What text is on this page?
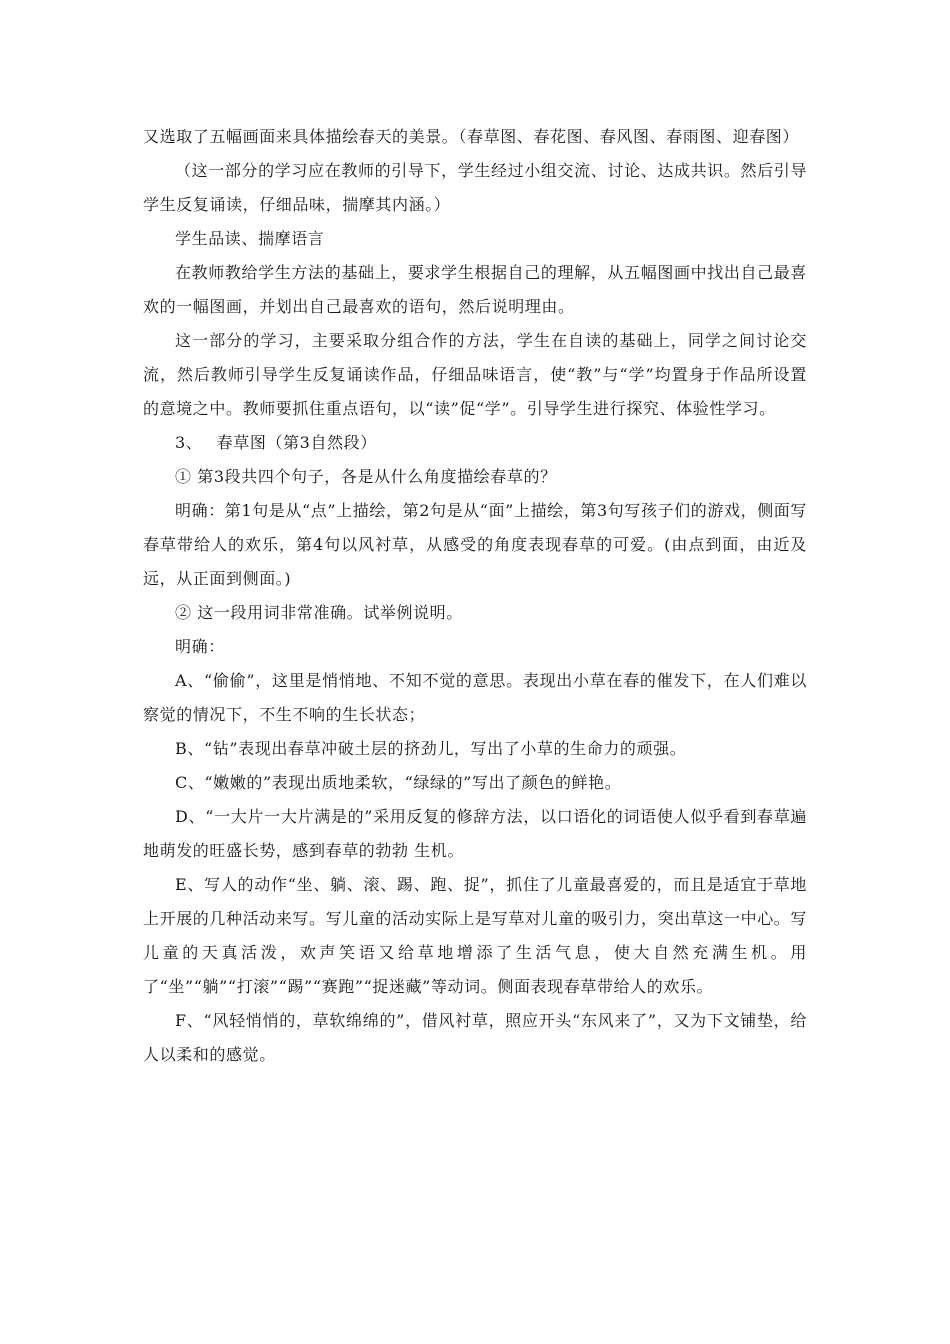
又选取了五幅画面来具体描绘春天的美景。（春草图、春花图、春风图、春雨图、迎春图）

（这一部分的学习应在教师的引导下，学生经过小组交流、讨论、达成共识。然后引导学生反复诵读，仔细品味，揣摩其内涵。）

学生品读、揣摩语言

在教师教给学生方法的基础上，要求学生根据自己的理解，从五幅图画中找出自己最喜欢的一幅图画，并划出自己最喜欢的语句，然后说明理由。

这一部分的学习，主要采取分组合作的方法，学生在自读的基础上，同学之间讨论交流，然后教师引导学生反复诵读作品，仔细品味语言，使“教”与“学”均置身于作品所设置的意境之中。教师要抓住重点语句，以“读”促“学”。引导学生进行探究、体验性学习。

3、　 春草图（第3自然段）

① 第3段共四个句子，各是从什么角度描绘春草的？

明确：第1句是从“点”上描绘，第2句是从“面”上描绘，第3句写孩子们的游戏，侧面写春草带给人的欢乐，第4句以风衬草，从感受的角度表现春草的可爱。(由点到面，由近及远，从正面到侧面。)

② 这一段用词非常准确。试举例说明。

明确：

A、“偷偷”，这里是悄悄地、不知不觉的意思。表现出小草在春的催发下，在人们难以察觉的情况下，不生不响的生长状态；

B、“钻”表现出春草冲破土层的挤劲儿，写出了小草的生命力的顽强。

C、“嫩嫩的”表现出质地柔软，“绿绿的”写出了颜色的鲜艳。

D、“一大片一大片满是的”采用反复的修辞方法，以口语化的词语使人似乎看到春草遍地萌发的旺盛长势，感到春草的勃勃 生机。

E、写人的动作“坐、躺、滚、踢、跑、捉”，抓住了儿童最喜爱的，而且是适宜于草地上开展的几种活动来写。写儿童的活动实际上是写草对儿童的吸引力，突出草这一中心。写儿童的天真活泼，欢声笑语又给草地增添了生活气息，使大自然充满生机。用了“坐”“躺”“打滚”“踢”“赛跑”“捉迷藏”等动词。侧面表现春草带给人的欢乐。

F、“风轻悄悄的，草软绵绵的”，借风衬草，照应开头“东风来了”，又为下文铺垫，给人以柔和的感觉。
